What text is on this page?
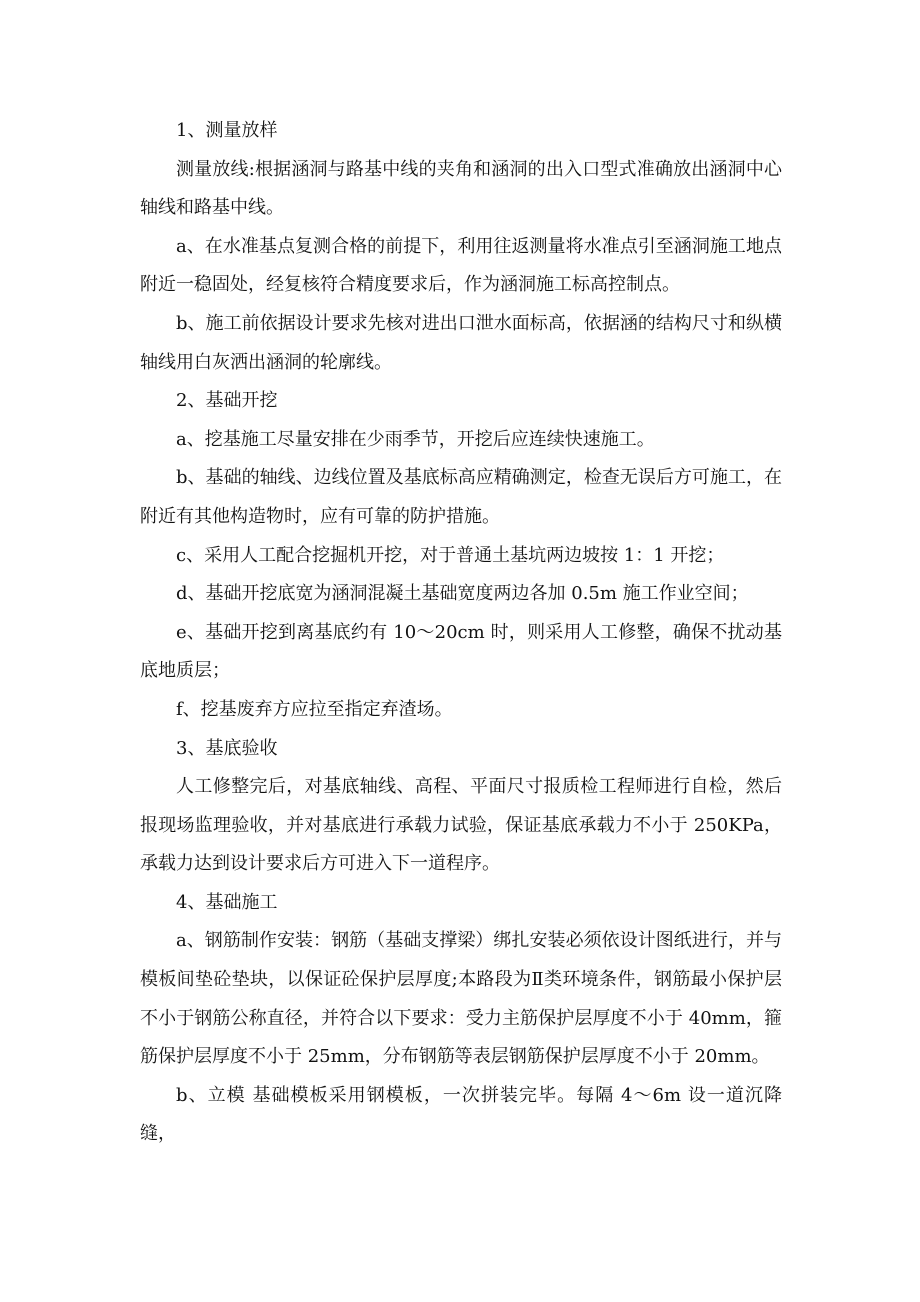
1、测量放样

测量放线:根据涵洞与路基中线的夹角和涵洞的出入口型式准确放出涵洞中心轴线和路基中线。

a、在水准基点复测合格的前提下，利用往返测量将水准点引至涵洞施工地点附近一稳固处，经复核符合精度要求后，作为涵洞施工标高控制点。

b、施工前依据设计要求先核对进出口泄水面标高，依据涵的结构尺寸和纵横轴线用白灰洒出涵洞的轮廓线。

2、基础开挖

a、挖基施工尽量安排在少雨季节，开挖后应连续快速施工。

b、基础的轴线、边线位置及基底标高应精确测定，检查无误后方可施工，在附近有其他构造物时，应有可靠的防护措施。

c、采用人工配合挖掘机开挖，对于普通土基坑两边坡按 1：1 开挖；

d、基础开挖底宽为涵洞混凝土基础宽度两边各加 0.5m 施工作业空间；

e、基础开挖到离基底约有 10～20cm 时，则采用人工修整，确保不扰动基底地质层；

f、挖基废弃方应拉至指定弃渣场。

3、基底验收

人工修整完后，对基底轴线、高程、平面尺寸报质检工程师进行自检，然后报现场监理验收，并对基底进行承载力试验，保证基底承载力不小于 250KPa，承载力达到设计要求后方可进入下一道程序。

4、基础施工

a、钢筋制作安装：钢筋（基础支撑梁）绑扎安装必须依设计图纸进行，并与模板间垫砼垫块，以保证砼保护层厚度;本路段为Ⅱ类环境条件，钢筋最小保护层不小于钢筋公称直径，并符合以下要求：受力主筋保护层厚度不小于 40mm，箍筋保护层厚度不小于 25mm，分布钢筋等表层钢筋保护层厚度不小于 20mm。

b、立模 基础模板采用钢模板，一次拼装完毕。每隔 4～6m 设一道沉降缝，
